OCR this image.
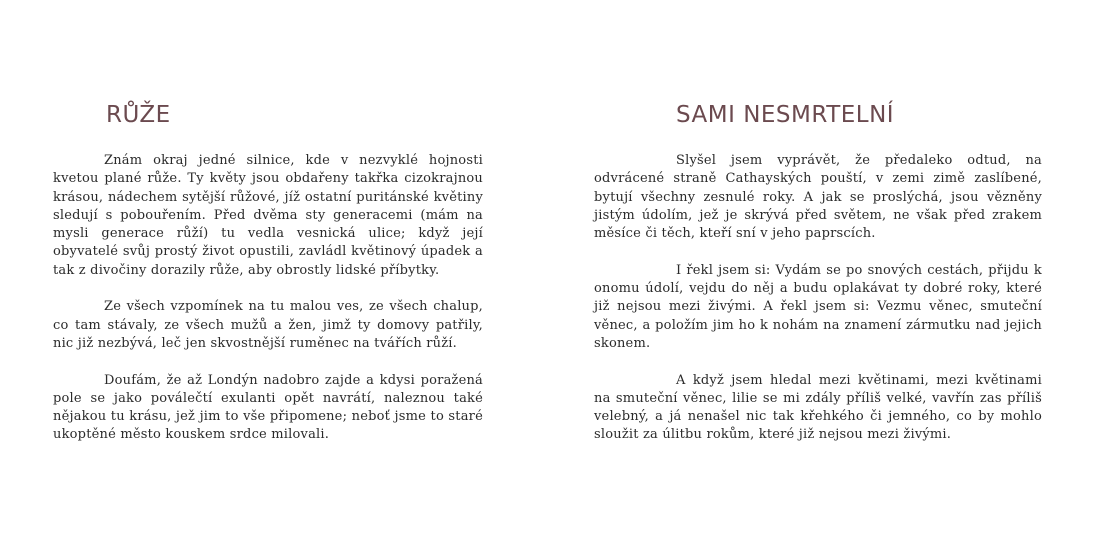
RŮŽE

Znám okraj jedné silnice, kde v nezvyklé hojnosti kvetou plané růže. Ty květy jsou obdařeny takřka cizokrajnou krásou, nádechem sytější růžové, jíž ostatní puritánské květiny sledují s pobouřením. Před dvěma sty generacemi (mám na mysli generace růží) tu vedla vesnická ulice; když její obyvatelé svůj prostý život opustili, zavládl květinový úpadek a tak z divočiny dorazily růže, aby obrostly lidské příbytky.

Ze všech vzpomínek na tu malou ves, ze všech chalup, co tam stávaly, ze všech mužů a žen, jimž ty domovy patřily, nic již nezbývá, leč jen skvostnější ruměnec na tvářích růží.

Doufám, že až Londýn nadobro zajde a kdysi poražená pole se jako poválečtí exulanti opět navrátí, naleznou také nějakou tu krásu, jež jim to vše připomene; neboť jsme to staré ukoptěné město kouskem srdce milovali.

SAMI NESMRTELNÍ

Slyšel jsem vyprávět, že předaleko odtud, na odvrácené straně Cathayských pouští, v zemi zimě zaslíbené, bytují všechny zesnulé roky. A jak se proslýchá, jsou vězněny jistým údolím, jež je skrývá před světem, ne však před zrakem měsíce či těch, kteří sní v jeho paprscích.

I řekl jsem si: Vydám se po snových cestách, přijdu k onomu údolí, vejdu do něj a budu oplakávat ty dobré roky, které již nejsou mezi živými. A řekl jsem si: Vezmu věnec, smuteční věnec, a položím jim ho k nohám na znamení zármutku nad jejich skonem.

A když jsem hledal mezi květinami, mezi květinami na smuteční věnec, lilie se mi zdály příliš velké, vavřín zas příliš velebný, a já nenašel nic tak křehkého či jemného, co by mohlo sloužit za úlitbu rokům, které již nejsou mezi živými.
